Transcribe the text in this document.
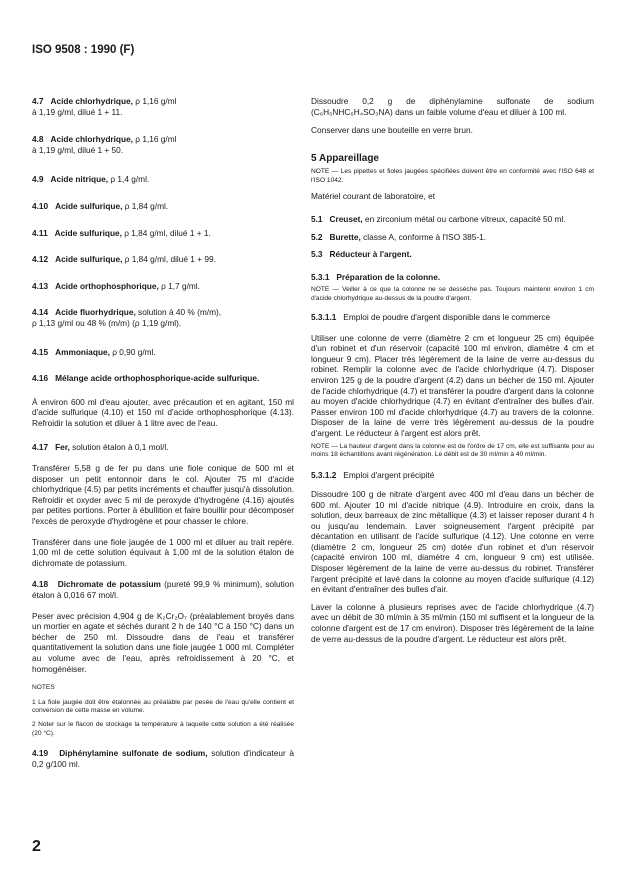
ISO 9508 : 1990 (F)
4.7 Acide chlorhydrique, ρ 1,16 g/ml
à 1,19 g/ml, dilué 1 + 11.
4.8 Acide chlorhydrique, ρ 1,16 g/ml
à 1,19 g/ml, dilué 1 + 50.
4.9 Acide nitrique, ρ 1,4 g/ml.
4.10 Acide sulfurique, ρ 1,84 g/ml.
4.11 Acide sulfurique, ρ 1,84 g/ml, dilué 1 + 1.
4.12 Acide sulfurique, ρ 1,84 g/ml, dilué 1 + 99.
4.13 Acide orthophosphorique, ρ 1,7 g/ml.
4.14 Acide fluorhydrique, solution à 40 % (m/m),
ρ 1,13 g/ml ou 48 % (m/m) (ρ 1,19 g/ml).
4.15 Ammoniaque, ρ 0,90 g/ml.
4.16 Mélange acide orthophosphorique-acide sulfurique.
À environ 600 ml d'eau ajouter, avec précaution et en agitant, 150 ml d'acide sulfurique (4.10) et 150 ml d'acide orthophosphorique (4.13). Refroidir la solution et diluer à 1 litre avec de l'eau.
4.17 Fer, solution étalon à 0,1 mol/l.
Transférer 5,58 g de fer pu dans une fiole conique de 500 ml et disposer un petit entonnoir dans le col. Ajouter 75 ml d'acide chlorhydrique (4.5) par petits incréments et chauffer jusqu'à dissolution. Refroidir et oxyder avec 5 ml de peroxyde d'hydrogène (4.16) ajoutés par petites portions. Porter à ébullition et faire bouillir pour décomposer l'excès de peroxyde d'hydrogène et pour chasser le chlore.
Transférer dans une fiole jaugée de 1 000 ml et diluer au trait repère. 1,00 ml de cette solution équivaut à 1,00 ml de la solution étalon de dichromate de potassium.
4.18 Dichromate de potassium (pureté 99,9 % minimum), solution étalon à 0,016 67 mol/l.
Peser avec précision 4,904 g de K₂Cr₂O₇ (préalablement broyés dans un mortier en agate et séchés durant 2 h de 140 °C à 150 °C) dans un bécher de 250 ml. Dissoudre dans de l'eau et transférer quantitativement la solution dans une fiole jaugée 1 000 ml. Compléter au volume avec de l'eau, après refroidissement à 20 °C, et homogénéiser.
NOTES
1 La fiole jaugée doit être étalonnée au préalable par pesée de l'eau qu'elle contient et conversion de cette masse en volume.
2 Noter sur le flacon de stockage la température à laquelle cette solution a été réalisée (20 °C).
4.19 Diphénylamine sulfonate de sodium, solution d'indicateur à 0,2 g/100 ml.
Dissoudre 0,2 g de diphénylamine sulfonate de sodium (C₆H₅NHC₆H₄SO₃NA) dans un faible volume d'eau et diluer à 100 ml.
Conserver dans une bouteille en verre brun.
5 Appareillage
NOTE — Les pipettes et fioles jaugées spécifiées doivent être en conformité avec l'ISO 648 et l'ISO 1042.
Matériel courant de laboratoire, et
5.1 Creuset, en zirconium métal ou carbone vitreux, capacité 50 ml.
5.2 Burette, classe A, conforme à l'ISO 385-1.
5.3 Réducteur à l'argent.
5.3.1 Préparation de la colonne.
NOTE — Veiller à ce que la colonne ne se dessèche pas. Toujours maintenir environ 1 cm d'acide chlorhydrique au-dessus de la poudre d'argent.
5.3.1.1 Emploi de poudre d'argent disponible dans le commerce
Utiliser une colonne de verre (diamètre 2 cm et longueur 25 cm) équipée d'un robinet et d'un réservoir (capacité 100 ml environ, diamètre 4 cm et longueur 9 cm). Placer très légèrement de la laine de verre au-dessus du robinet. Remplir la colonne avec de l'acide chlorhydrique (4.7). Disposer environ 125 g de la poudre d'argent (4.2) dans un bécher de 150 ml. Ajouter de l'acide chlorhydrique (4.7) et transférer la poudre d'argent dans la colonne au moyen d'acide chlorhydrique (4.7) en évitant d'entraîner des bulles d'air. Passer environ 100 ml d'acide chlorhydrique (4.7) au travers de la colonne. Disposer de la laine de verre très légèrement au-dessus de la poudre d'argent. Le réducteur à l'argent est alors prêt.
NOTE — La hauteur d'argent dans la colonne est de l'ordre de 17 cm, elle est suffisante pour au moins 18 échantillons avant régénération. Le débit est de 30 ml/min à 40 ml/min.
5.3.1.2 Emploi d'argent précipité
Dissoudre 100 g de nitrate d'argent avec 400 ml d'eau dans un bécher de 600 ml. Ajouter 10 ml d'acide nitrique (4.9). Introduire en croix, dans la solution, deux barreaux de zinc métallique (4.3) et laisser reposer durant 4 h ou jusqu'au lendemain. Laver soigneusement l'argent précipité par décantation en utilisant de l'acide sulfurique (4.12). Une colonne en verre (diamètre 2 cm, longueur 25 cm) dotée d'un robinet et d'un réservoir (capacité environ 100 ml, diamètre 4 cm, longueur 9 cm) est utilisée. Disposer légèrement de la laine de verre au-dessus du robinet. Transférer l'argent précipité et lavé dans la colonne au moyen d'acide sulfurique (4.12) en évitant d'entraîner des bulles d'air.
Laver la colonne à plusieurs reprises avec de l'acide chlorhydrique (4.7) avec un débit de 30 ml/min à 35 ml/min (150 ml suffisent et la longueur de la colonne d'argent est de 17 cm environ). Disposer très légèrement de la laine de verre au-dessus de la poudre d'argent. Le réducteur est alors prêt.
2
